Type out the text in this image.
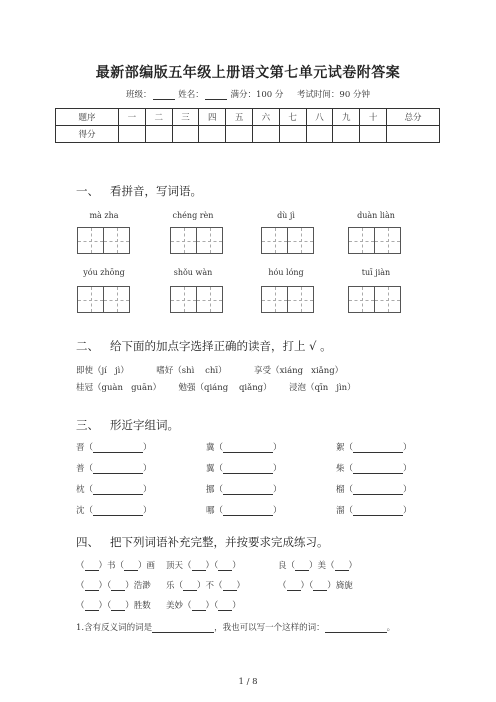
最新部编版五年级上册语文第七单元试卷附答案
班级：	姓名：	满分：100 分 考试时间：90 分钟
题序	一	二	三	四	五	六	七	八	九	十	总分
得分											
一、 看拼音，写词语。
mà zha	chéng rèn	dù jì	duàn liàn
yóu zhōng	shǒu wàn	hóu lóng	tuī jiàn
二、 给下面的加点字选择正确的读音，打上 √ 。
即使（jí jì）	嗜好（shì chī）	享受（xiáng xiǎng）
桂冠（guàn guān） 勉强（qiáng qiǎng） 浸泡（qīn jìn）
三、 形近字组词。
晋（	）	冀（	）	絮（	）
普（	）	翼（	）	柴（	）
枕（	）	挪（	）	榴（	）
沈（	）	哪（	）	溜（	）
四、 把下列词语补充完整，并按要求完成练习。
（ ）书（ ）画	顶天（ ）（ ）	良（ ）美（ ）
（ ）（ ）浩渺	乐（ ）不（ ）	（ ）（ ）旖旎
（ ）（ ）胜数	美妙（ ）（ ）
1.含有反义词的词是	，我也可以写一个这样的词：	。
1 / 8
